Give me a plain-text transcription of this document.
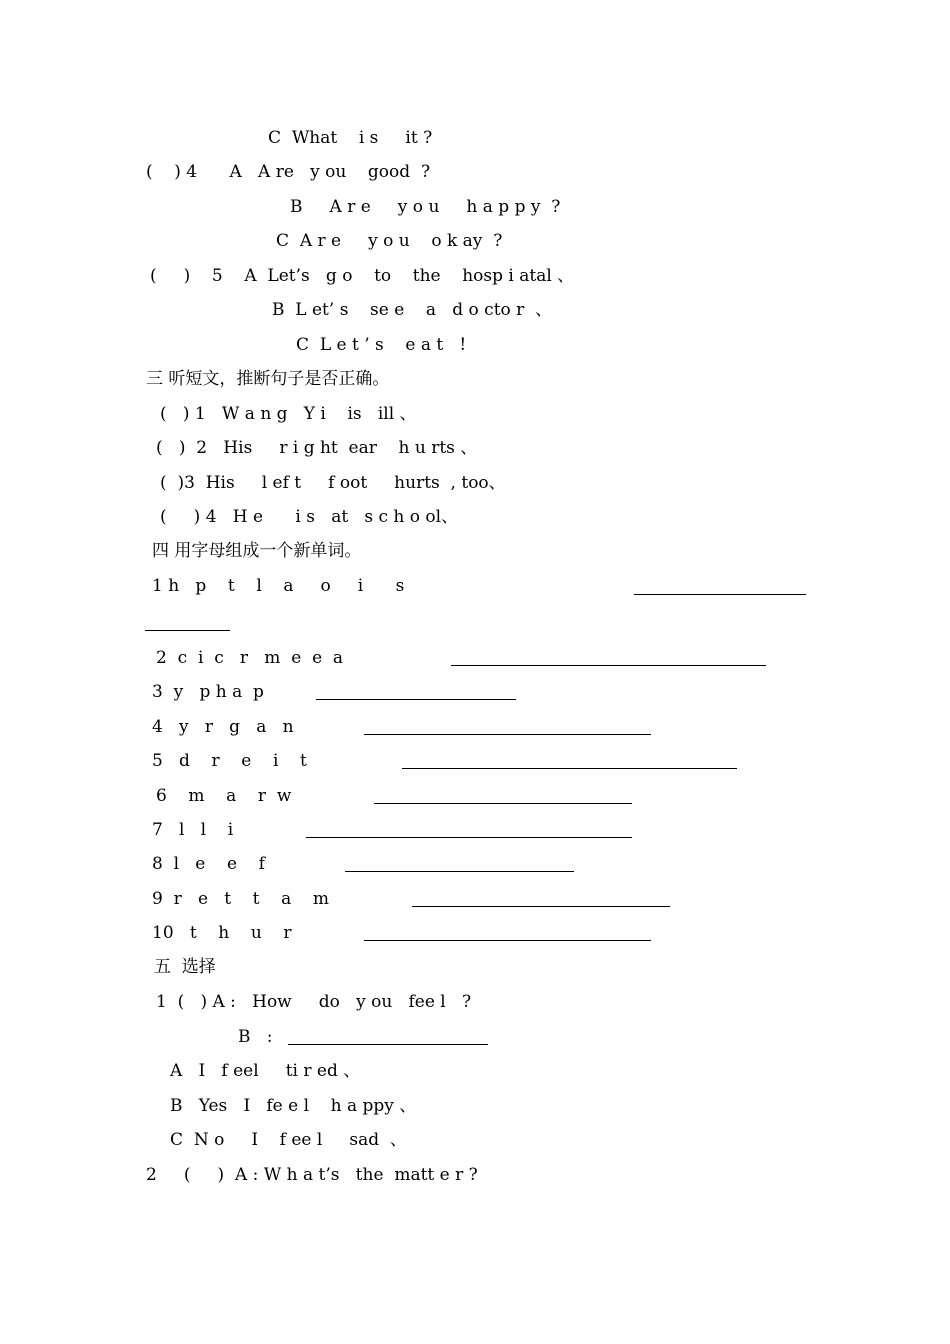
C  What    i s     it ?
(    ) 4      A   A re   y ou    good  ?
B     A r e     y o u     h a p p y  ?
C  A r e     y o u    o k ay  ?
(     )    5    A  Let’s   g o    to    the    hosp i atal 、
B  L et’ s    se e    a   d o cto r  、
C  L e t ’ s    e a t   !
三 听短文，推断句子是否正确。
(   ) 1   W a n g   Y i    is   ill 、
(   )  2   His     r i g ht  ear    h u rts 、
(  )3  His     l ef t     f oot     hurts  , too、
(     ) 4   H e      i s   at   s c h o ol、
四 用字母组成一个新单词。
1 h   p    t    l    a     o     i      s
2  c  i  c   r   m  e  e  a
3  y   p h a  p
4   y   r   g   a   n
5   d    r    e    i    t
6    m    a    r  w
7   l   l    i
8  l   e    e    f
9  r   e   t    t    a    m
10   t    h    u    r
五  选择
1  (   ) A :   How     do   y ou   fee l   ?
B   :
A   I   f eel     ti r ed 、
B   Yes   I   fe e l    h a ppy 、
C  N o     I    f ee l     sad  、
2     (     )  A : W h a t’s   the  matt e r ?
